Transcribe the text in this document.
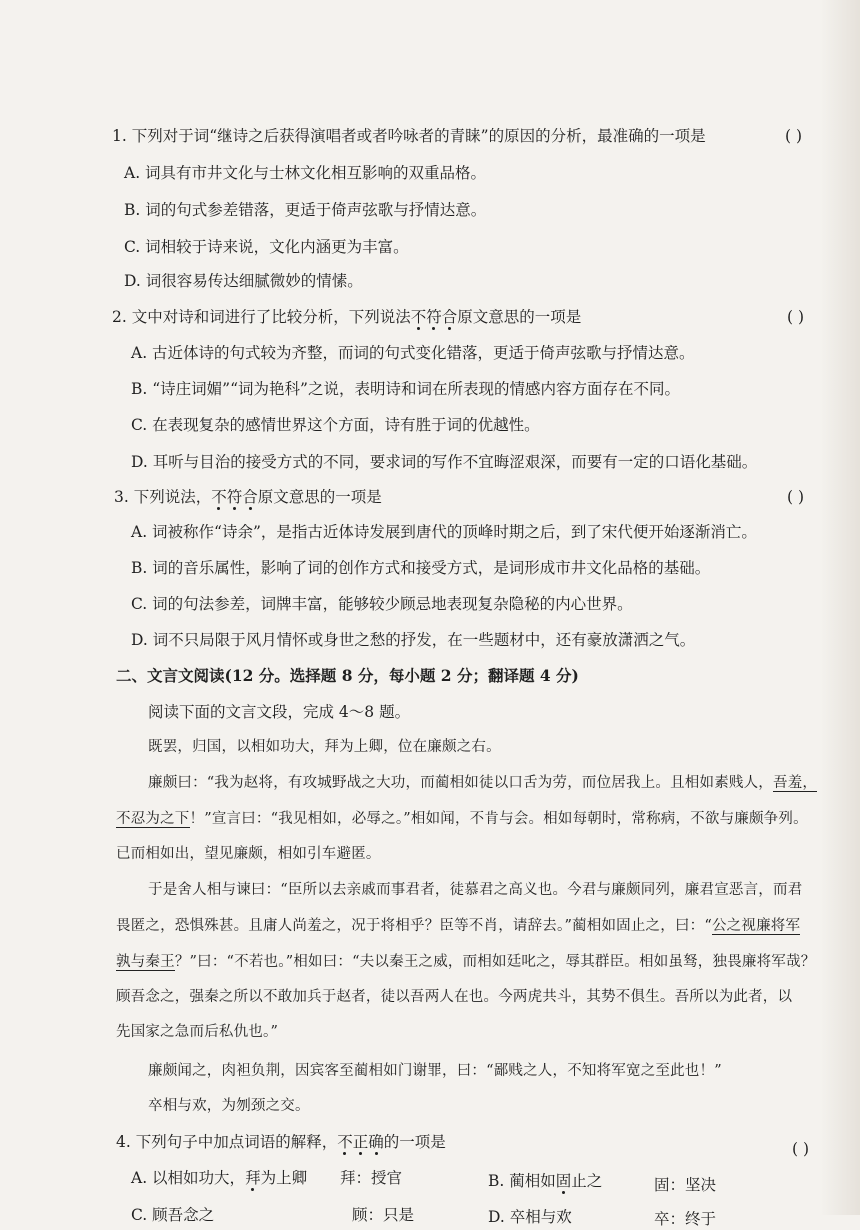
1. 下列对于词“继诗之后获得演唱者或者吟咏者的青睐”的原因的分析，最准确的一项是	( )
A. 词具有市井文化与士林文化相互影响的双重品格。
B. 词的句式参差错落，更适于倚声弦歌与抒情达意。
C. 词相较于诗来说，文化内涵更为丰富。
D. 词很容易传达细腻微妙的情愫。
2. 文中对诗和词进行了比较分析，下列说法不符合原文意思的一项是	( )
A. 古近体诗的句式较为齐整，而词的句式变化错落，更适于倚声弦歌与抒情达意。
B. “诗庄词媚”“词为艳科”之说，表明诗和词在所表现的情感内容方面存在不同。
C. 在表现复杂的感情世界这个方面，诗有胜于词的优越性。
D. 耳听与目治的接受方式的不同，要求词的写作不宜晦涩艰深，而要有一定的口语化基础。
3. 下列说法，不符合原文意思的一项是	( )
A. 词被称作“诗余”，是指古近体诗发展到唐代的顶峰时期之后，到了宋代便开始逐渐消亡。
B. 词的音乐属性，影响了词的创作方式和接受方式，是词形成市井文化品格的基础。
C. 词的句法参差，词牌丰富，能够较少顾忌地表现复杂隐秘的内心世界。
D. 词不只局限于风月情怀或身世之愁的抒发，在一些题材中，还有豪放潇洒之气。
二、文言文阅读(12 分。选择题 8 分，每小题 2 分；翻译题 4 分)
阅读下面的文言文段，完成 4～8 题。
既罢，归国，以相如功大，拜为上卿，位在廉颇之右。
廉颇曰：“我为赵将，有攻城野战之大功，而蔺相如徒以口舌为劳，而位居我上。且相如素贱人，吾羞，
不忍为之下！”宣言曰：“我见相如，必辱之。”相如闻，不肯与会。相如每朝时，常称病，不欲与廉颇争列。
已而相如出，望见廉颇，相如引车避匿。
于是舍人相与谏曰：“臣所以去亲戚而事君者，徒慕君之高义也。今君与廉颇同列，廉君宣恶言，而君
畏匿之，恐惧殊甚。且庸人尚羞之，况于将相乎？臣等不肖，请辞去。”蔺相如固止之，曰：“公之视廉将军
孰与秦王？”曰：“不若也。”相如曰：“夫以秦王之威，而相如廷叱之，辱其群臣。相如虽驽，独畏廉将军哉？
顾吾念之，强秦之所以不敢加兵于赵者，徒以吾两人在也。今两虎共斗，其势不俱生。吾所以为此者，以
先国家之急而后私仇也。”
廉颇闻之，肉袒负荆，因宾客至蔺相如门谢罪，曰：“鄙贱之人，不知将军宽之至此也！”
卒相与欢，为刎颈之交。
4. 下列句子中加点词语的解释，不正确的一项是	( )
A. 以相如功大，拜为上卿 拜：授官	B. 蔺相如固止之	固：坚决
C. 顾吾念之	顾：只是	D. 卒相与欢	卒：终于
